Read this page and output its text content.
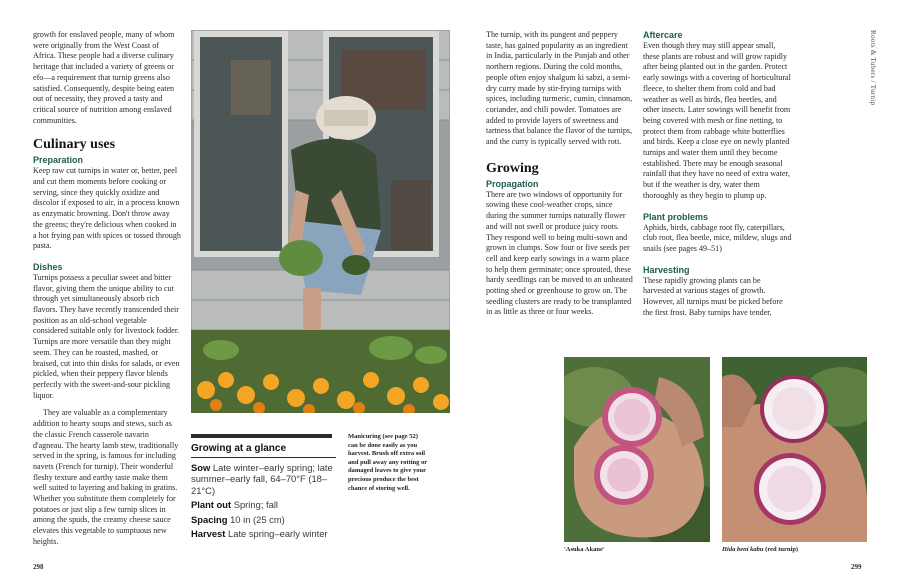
growth for enslaved people, many of whom were originally from the West Coast of Africa. These people had a diverse culinary heritage that included a variety of greens or efo—a requirement that turnip greens also satisfied. Consequently, despite being eaten out of necessity, they proved a tasty and critical source of nutrition among enslaved communities.

Culinary uses
Preparation

Keep raw cut turnips in water or, better, peel and cut them moments before cooking or serving, since they quickly oxidize and discolor if exposed to air, in a process known as enzymatic browning. Don't throw away the greens; they're delicious when cooked in a hot frying pan with spices or tossed through pasta.

Dishes

Turnips possess a peculiar sweet and bitter flavor, giving them the unique ability to cut through yet simultaneously absorb rich flavors. They have recently transcended their position as an old-school vegetable considered suitable only for livestock fodder. Turnips are more versatile than they might seem. They can be roasted, mashed, or braised, cut into thin disks for salads, or even pickled, when their peppery flavor blends perfectly with the sweet-and-sour pickling liquor.

They are valuable as a complementary addition to hearty soups and stews, such as the classic French casserole navarin d'agneau. The hearty lamb stew, traditionally served in the spring, is famous for including navets (French for turnip). Their wonderful fleshy texture and earthy taste make them well suited to layering and baking in gratins. Whether you substitute them completely for potatoes or just slip a few turnip slices in among the spuds, the creamy cheese sauce elevates this vegetable to sumptuous new heights.

Growing at a glance
Sow Late winter–early spring; late summer–early fall, 64–70°F (18–21°C)
Plant out Spring; fall
Spacing 10 in (25 cm)
Harvest Late spring–early winter
Manicuring (see page 52) can be done easily as you harvest. Brush off extra soil and pull away any rotting or damaged leaves to give your precious produce the best chance of storing well.
298

The turnip, with its pungent and peppery taste, has gained popularity as an ingredient in India, particularly in the Punjab and other northern regions. During the cold months, people often enjoy shalgum ki sabzi, a semi-dry curry made by stir-frying turnips with spices, including turmeric, cumin, cinnamon, coriander, and chili powder. Tomatoes are added to provide layers of sweetness and tartness that balance the flavor of the turnips, and the curry is typically served with roti.

Growing
Propagation

There are two windows of opportunity for sowing these cool-weather crops, since during the summer turnips naturally flower and will not swell or produce juicy roots. They respond well to being multi-sown and grown in clumps. Sow four or five seeds per cell and keep early sowings in a warm place to help them germinate; once sprouted, these hardy seedlings can be moved to an unheated potting shed or greenhouse to grow on. The seedling clusters are ready to be transplanted in as little as three or four weeks.

Aftercare

Even though they may still appear small, these plants are robust and will grow rapidly after being planted out in the garden. Protect early sowings with a covering of horticultural fleece, to shelter them from cold and bad weather as well as birds, flea beetles, and other insects. Later sowings will benefit from being covered with mesh or fine netting, to protect them from cabbage white butterflies and birds. Keep a close eye on newly planted turnips and water them until they become established. There may be enough seasonal rainfall that they have no need of extra water, but if the weather is dry, water them thoroughly as they begin to plump up.

Plant problems

Aphids, birds, cabbage root fly, caterpillars, club root, flea beetle, mice, mildew, slugs and snails (see pages 49–51)

Harvesting

These rapidly growing plants can be harvested at various stages of growth. However, all turnips must be picked before the first frost. Baby turnips have tender,

Roots & Tubers / Turnip
'Asuka Akane'	Hida beni kabu (red turnip)
299
